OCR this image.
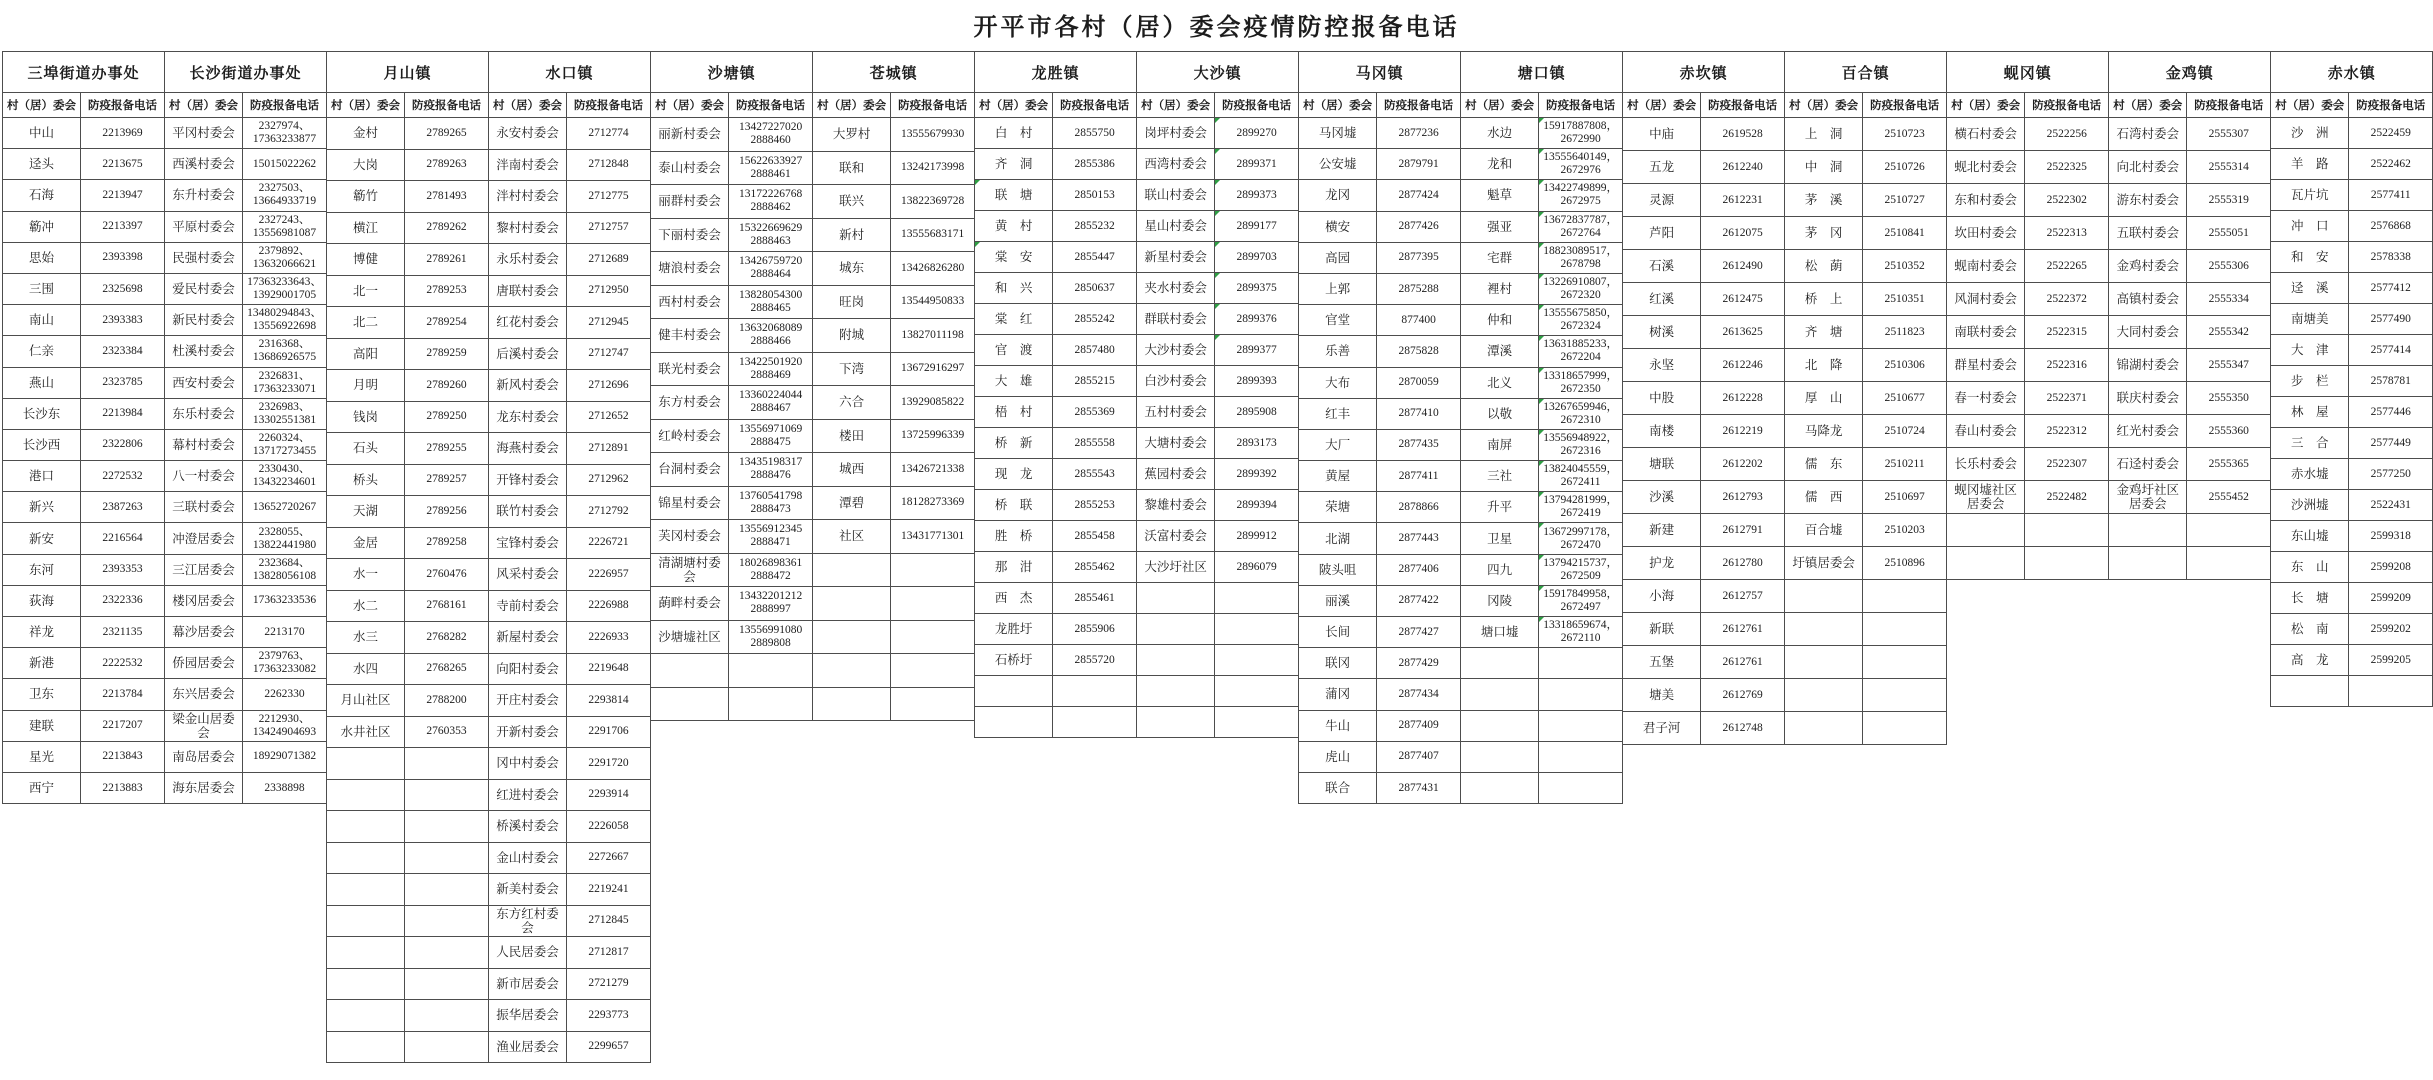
开平市各村（居）委会疫情防控报备电话
三埠街道办事处		长沙街道办事处	
村（居）委会	防疫报备电话	村（居）委会	防疫报备电话
中山	2213969	平冈村委会	2327974、17363233877
迳头	2213675	西溪村委会	15015022262
石海	2213947	东升村委会	2327503、13664933719
簕冲	2213397	平原村委会	2327243、13556981087
思始	2393398	民强村委会	2379892、13632066621
三围	2325698	爱民村委会	17363233643、13929001705
南山	2393383	新民村委会	13480294843、13556922698
仁亲	2323384	杜溪村委会	2316368、13686926575
燕山	2323785	西安村委会	2326831、17363233071
长沙东	2213984	东乐村委会	2326983、13302551381
长沙西	2322806	幕村村委会	2260324、13717273455
港口	2272532	八一村委会	2330430、13432234601
新兴	2387263	三联村委会	13652720267
新安	2216564	冲澄居委会	2328055、13822441980
东河	2393353	三江居委会	2323684、13828056108
荻海	2322336	楼冈居委会	17363233536
祥龙	2321135	幕沙居委会	2213170
新港	2222532	侨园居委会	2379763、17363233082
卫东	2213784	东兴居委会	2262330
建联	2217207	梁金山居委会	2212930、13424904693
星光	2213843	南岛居委会	18929071382
西宁	2213883	海东居委会	2338898
月山镇		水口镇	
村（居）委会	防疫报备电话	村（居）委会	防疫报备电话
金村	2789265	永安村委会	2712774
大岗	2789263	泮南村委会	2712848
簕竹	2781493	泮村村委会	2712775
横江	2789262	黎村村委会	2712757
博健	2789261	永乐村委会	2712689
北一	2789253	唐联村委会	2712950
北二	2789254	红花村委会	2712945
高阳	2789259	后溪村委会	2712747
月明	2789260	新风村委会	2712696
钱岗	2789250	龙东村委会	2712652
石头	2789255	海燕村委会	2712891
桥头	2789257	开锋村委会	2712962
天湖	2789256	联竹村委会	2712792
金居	2789258	宝锋村委会	2226721
水一	2760476	风采村委会	2226957
水二	2768161	寺前村委会	2226988
水三	2768282	新屋村委会	2226933
水四	2768265	向阳村委会	2219648
月山社区	2788200	开庄村委会	2293814
水井社区	2760353	开新村委会	2291706
		冈中村委会	2291720
		红进村委会	2293914
		桥溪村委会	2226058
		金山村委会	2272667
		新美村委会	2219241
		东方红村委会	2712845
		人民居委会	2712817
		新市居委会	2721279
		振华居委会	2293773
		渔业居委会	2299657
沙塘镇		苍城镇	
村（居）委会	防疫报备电话	村（居）委会	防疫报备电话
丽新村委会	13427227020 2888460	大罗村	13555679930
泰山村委会	15622633927 2888461	联和	13242173998
丽群村委会	13172226768 2888462	联兴	13822369728
下丽村委会	15322669629 2888463	新村	13555683171
塘浪村委会	13426759720 2888464	城东	13426826280
西村村委会	13828054300 2888465	旺岗	13544950833
健丰村委会	13632068089 2888466	附城	13827011198
联光村委会	13422501920 2888469	下湾	13672916297
东方村委会	13360224044 2888467	六合	13929085822
红岭村委会	13556971069 2888475	楼田	13725996339
台洞村委会	13435198317 2888476	城西	13426721338
锦星村委会	13760541798 2888473	潭碧	18128273369
芙冈村委会	13556912345 2888471	社区	13431771301
清湖塘村委会	18026898361 2888472		
蓢畔村委会	13432201212 2888997		
沙塘墟社区	13556991080 2889808		

龙胜镇		大沙镇	
村（居）委会	防疫报备电话	村（居）委会	防疫报备电话
白　村	2855750	岗坪村委会	2899270
齐　洞	2855386	西湾村委会	2899371
联　塘	2850153	联山村委会	2899373
黄　村	2855232	星山村委会	2899177
棠　安	2855447	新星村委会	2899703
和　兴	2850637	夹水村委会	2899375
棠　红	2855242	群联村委会	2899376
官　渡	2857480	大沙村委会	2899377
大　雄	2855215	白沙村委会	2899393
梧　村	2855369	五村村委会	2895908
桥　新	2855558	大塘村委会	2893173
现　龙	2855543	蕉园村委会	2899392
桥　联	2855253	黎雄村委会	2899394
胜　桥	2855458	沃富村委会	2899912
那　泔	2855462	大沙圩社区	2896079
西　杰	2855461		
龙胜圩	2855906		
石桥圩	2855720		

马冈镇		塘口镇	
村（居）委会	防疫报备电话	村（居）委会	防疫报备电话
马冈墟	2877236	水边	15917887808，2672990
公安墟	2879791	龙和	13555640149，2672976
龙冈	2877424	魁草	13422749899，2672975
横安	2877426	强亚	13672837787，2672764
高园	2877395	宅群	18823089517，2678798
上郭	2875288	裡村	13226910807，2672320
官堂	877400	仲和	13555675850，2672324
乐善	2875828	潭溪	13631885233，2672204
大布	2870059	北义	13318657999，2672350
红丰	2877410	以敬	13267659946，2672310
大厂	2877435	南屏	13556948922，2672316
黄屋	2877411	三社	13824045559，2672411
荣塘	2878866	升平	13794281999，2672419
北湖	2877443	卫星	13672997178，2672470
陂头咀	2877406	四九	13794215737，2672509
丽溪	2877422	冈陵	15917849958，2672497
长间	2877427	塘口墟	13318659674，2672110
联冈	2877429		
蒲冈	2877434		
牛山	2877409		
虎山	2877407		
联合	2877431		
赤坎镇		百合镇	
村（居）委会	防疫报备电话	村（居）委会	防疫报备电话
中庙	2619528	上　洞	2510723
五龙	2612240	中　洞	2510726
灵源	2612231	茅　溪	2510727
芦阳	2612075	茅　冈	2510841
石溪	2612490	松　蓢	2510352
红溪	2612475	桥　上	2510351
树溪	2613625	齐　塘	2511823
永坚	2612246	北　降	2510306
中股	2612228	厚　山	2510677
南楼	2612219	马降龙	2510724
塘联	2612202	儒　东	2510211
沙溪	2612793	儒　西	2510697
新建	2612791	百合墟	2510203
护龙	2612780	圩镇居委会	2510896
小海	2612757		
新联	2612761		
五堡	2612761		
塘美	2612769		
君子河	2612748		
蚬冈镇		金鸡镇	
村（居）委会	防疫报备电话	村（居）委会	防疫报备电话
横石村委会	2522256	石湾村委会	2555307
蚬北村委会	2522325	向北村委会	2555314
东和村委会	2522302	游东村委会	2555319
坎田村委会	2522313	五联村委会	2555051
蚬南村委会	2522265	金鸡村委会	2555306
风洞村委会	2522372	高镇村委会	2555334
南联村委会	2522315	大同村委会	2555342
群星村委会	2522316	锦湖村委会	2555347
春一村委会	2522371	联庆村委会	2555350
春山村委会	2522312	红光村委会	2555360
长乐村委会	2522307	石迳村委会	2555365
蚬冈墟社区居委会	2522482	金鸡圩社区居委会	2555452

赤水镇	
村（居）委会	防疫报备电话
沙　洲	2522459
羊　路	2522462
瓦片坑	2577411
冲　口	2576868
和　安	2578338
迳　溪	2577412
南塘美	2577490
大　津	2577414
步　栏	2578781
林　屋	2577446
三　合	2577449
赤水墟	2577250
沙洲墟	2522431
东山墟	2599318
东　山	2599208
长　塘	2599209
松　南	2599202
高　龙	2599205
